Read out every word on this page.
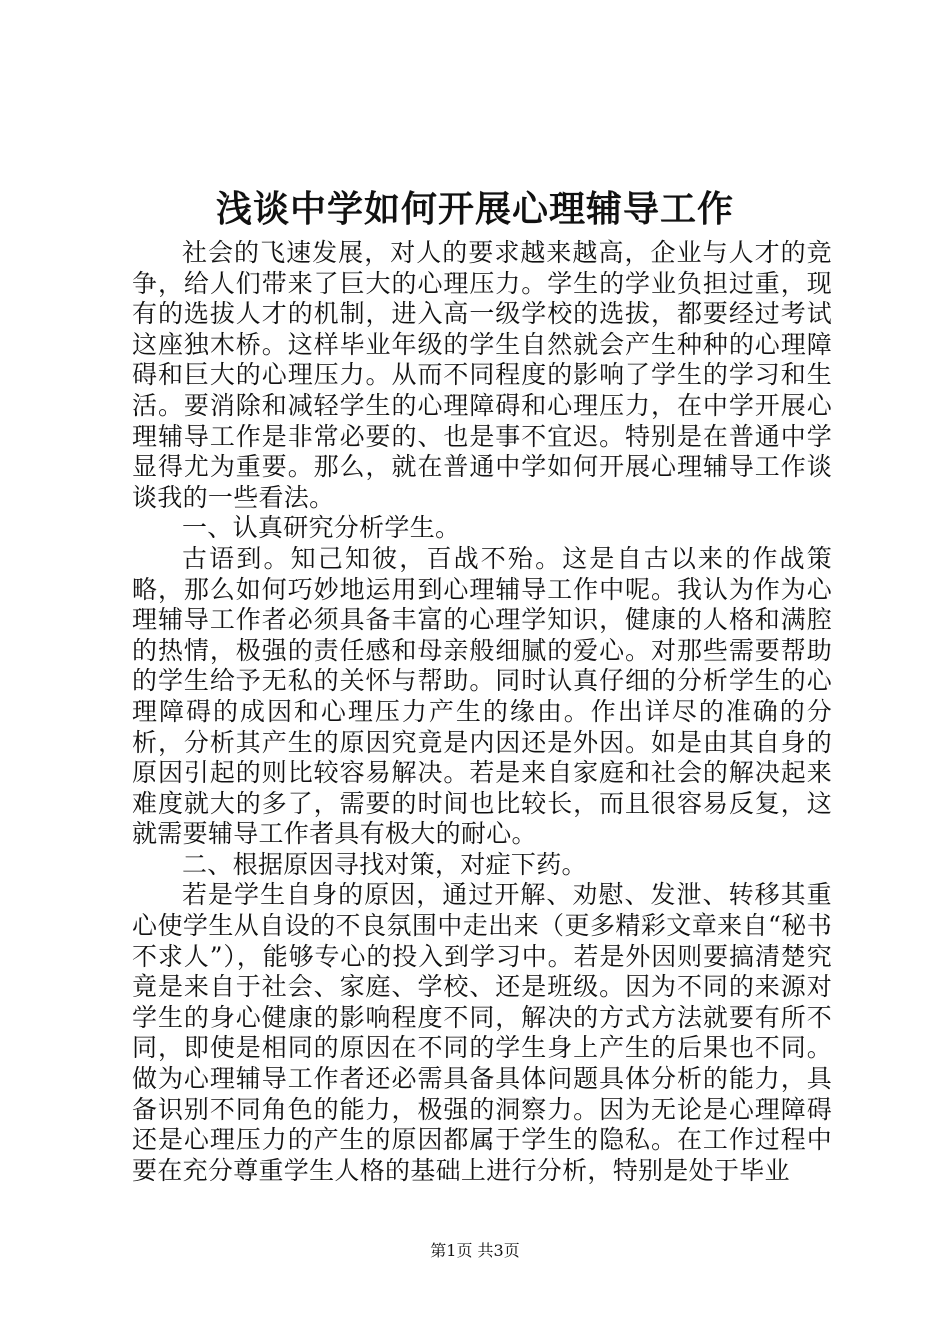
浅谈中学如何开展心理辅导工作

社会的飞速发展，对人的要求越来越高，企业与人才的竞争，给人们带来了巨大的心理压力。学生的学业负担过重，现有的选拔人才的机制，进入高一级学校的选拔，都要经过考试这座独木桥。这样毕业年级的学生自然就会产生种种的心理障碍和巨大的心理压力。从而不同程度的影响了学生的学习和生活。要消除和减轻学生的心理障碍和心理压力，在中学开展心理辅导工作是非常必要的、也是事不宜迟。特别是在普通中学显得尤为重要。那么，就在普通中学如何开展心理辅导工作谈谈我的一些看法。

一、认真研究分析学生。

古语到。知己知彼，百战不殆。这是自古以来的作战策略，那么如何巧妙地运用到心理辅导工作中呢。我认为作为心理辅导工作者必须具备丰富的心理学知识，健康的人格和满腔的热情，极强的责任感和母亲般细腻的爱心。对那些需要帮助的学生给予无私的关怀与帮助。同时认真仔细的分析学生的心理障碍的成因和心理压力产生的缘由。作出详尽的准确的分析，分析其产生的原因究竟是内因还是外因。如是由其自身的原因引起的则比较容易解决。若是来自家庭和社会的解决起来难度就大的多了，需要的时间也比较长，而且很容易反复，这就需要辅导工作者具有极大的耐心。

二、根据原因寻找对策，对症下药。

若是学生自身的原因，通过开解、劝慰、发泄、转移其重心使学生从自设的不良氛围中走出来（更多精彩文章来自“秘书不求人”），能够专心的投入到学习中。若是外因则要搞清楚究竟是来自于社会、家庭、学校、还是班级。因为不同的来源对学生的身心健康的影响程度不同，解决的方式方法就要有所不同，即使是相同的原因在不同的学生身上产生的后果也不同。做为心理辅导工作者还必需具备具体问题具体分析的能力，具备识别不同角色的能力，极强的洞察力。因为无论是心理障碍还是心理压力的产生的原因都属于学生的隐私。在工作过程中要在充分尊重学生人格的基础上进行分析，特别是处于毕业

第1页 共3页
